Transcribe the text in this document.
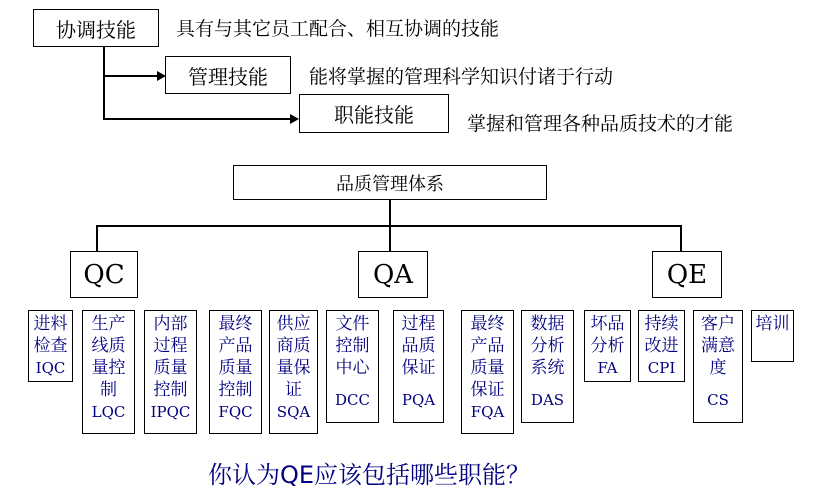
协调技能 具有与其它员工配合、相互协调的技能
管理技能 能将掌握的管理科学知识付诸于行动
职能技能	掌握和管理各种品质技术的才能
品质管理体系
QC	QA	QE
进料
检查
IQC
生产
线质
量控
制
LQC
内部
过程
质量
控制
IPQC
最终
产品
质量
控制
FQC
供应
商质
量保
证
SQA
文件
控制
中心
DCC
过程
品质
保证
PQA
最终
产品
质量
保证
FQA
数据
分析
系统
DAS
坏品
分析
FA
持续
改进
CPI
客户
满意
度
CS
培训
你认为QE应该包括哪些职能？
